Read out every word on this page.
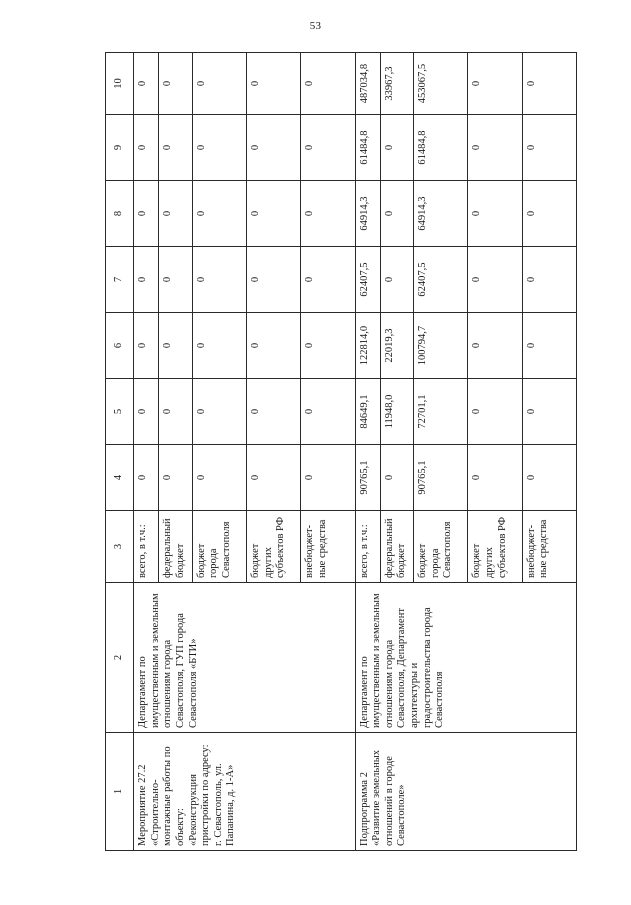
53
1	2	3	4	5	6	7	8	9	10
Мероприятие 27.2 «Строительно-монтажные работы по объекту: «Реконструкция пристройки по адресу: г. Севастополь, ул. Папанина, д. 1-А»	Департамент по имущественным и земельным отношениям города Севастополя, ГУП города Севастополя «БТИ»	всего, в т.ч.:	0	0	0	0	0	0	0
		федеральный бюджет	0	0	0	0	0	0	0
		бюджет города Севастополя	0	0	0	0	0	0	0
		бюджет других субъектов РФ	0	0	0	0	0	0	0
		внебюджет-ные средства	0	0	0	0	0	0	0
Подпрограмма 2 «Развитие земельных отношений в городе Севастополе»	Департамент по имущественным и земельным отношениям города Севастополя, Департамент архитектуры и градостроительства города Севастополя	всего, в т.ч.:	90765,1	84649,1	122814,0	62407,5	64914,3	61484,8	487034,8
		федеральный бюджет	0	11948,0	22019,3	0	0	0	33967,3
		бюджет города Севастополя	90765,1	72701,1	100794,7	62407,5	64914,3	61484,8	453067,5
		бюджет других субъектов РФ	0	0	0	0	0	0	0
		внебюджет-ные средства	0	0	0	0	0	0	0
